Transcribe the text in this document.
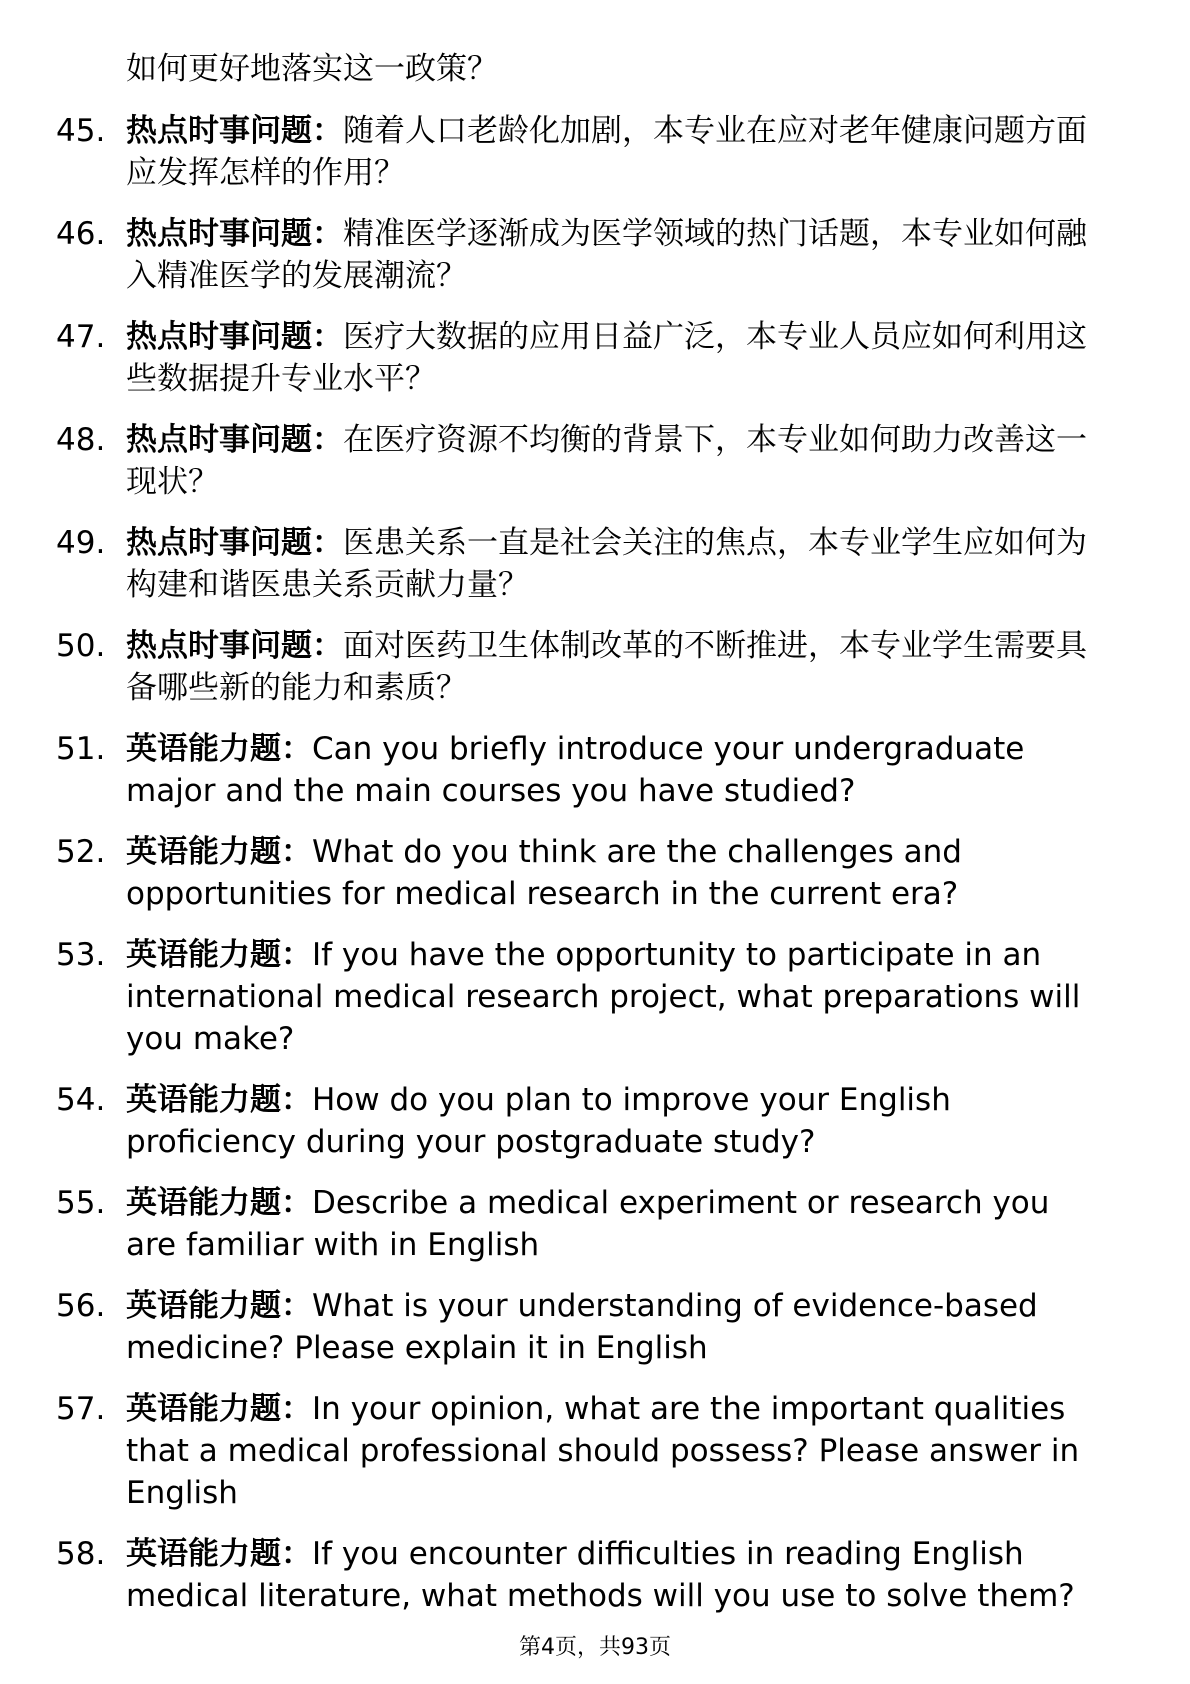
如何更好地落实这一政策？
45. 热点时事问题：随着人口老龄化加剧，本专业在应对老年健康问题方面应发挥怎样的作用？
46. 热点时事问题：精准医学逐渐成为医学领域的热门话题，本专业如何融入精准医学的发展潮流？
47. 热点时事问题：医疗大数据的应用日益广泛，本专业人员应如何利用这些数据提升专业水平？
48. 热点时事问题：在医疗资源不均衡的背景下，本专业如何助力改善这一现状？
49. 热点时事问题：医患关系一直是社会关注的焦点，本专业学生应如何为构建和谐医患关系贡献力量？
50. 热点时事问题：面对医药卫生体制改革的不断推进，本专业学生需要具备哪些新的能力和素质？
51. 英语能力题：Can you briefly introduce your undergraduate major and the main courses you have studied?
52. 英语能力题：What do you think are the challenges and opportunities for medical research in the current era?
53. 英语能力题：If you have the opportunity to participate in an international medical research project, what preparations will you make?
54. 英语能力题：How do you plan to improve your English proficiency during your postgraduate study?
55. 英语能力题：Describe a medical experiment or research you are familiar with in English
56. 英语能力题：What is your understanding of evidence-based medicine? Please explain it in English
57. 英语能力题：In your opinion, what are the important qualities that a medical professional should possess? Please answer in English
58. 英语能力题：If you encounter difficulties in reading English medical literature, what methods will you use to solve them?
第4页，共93页
